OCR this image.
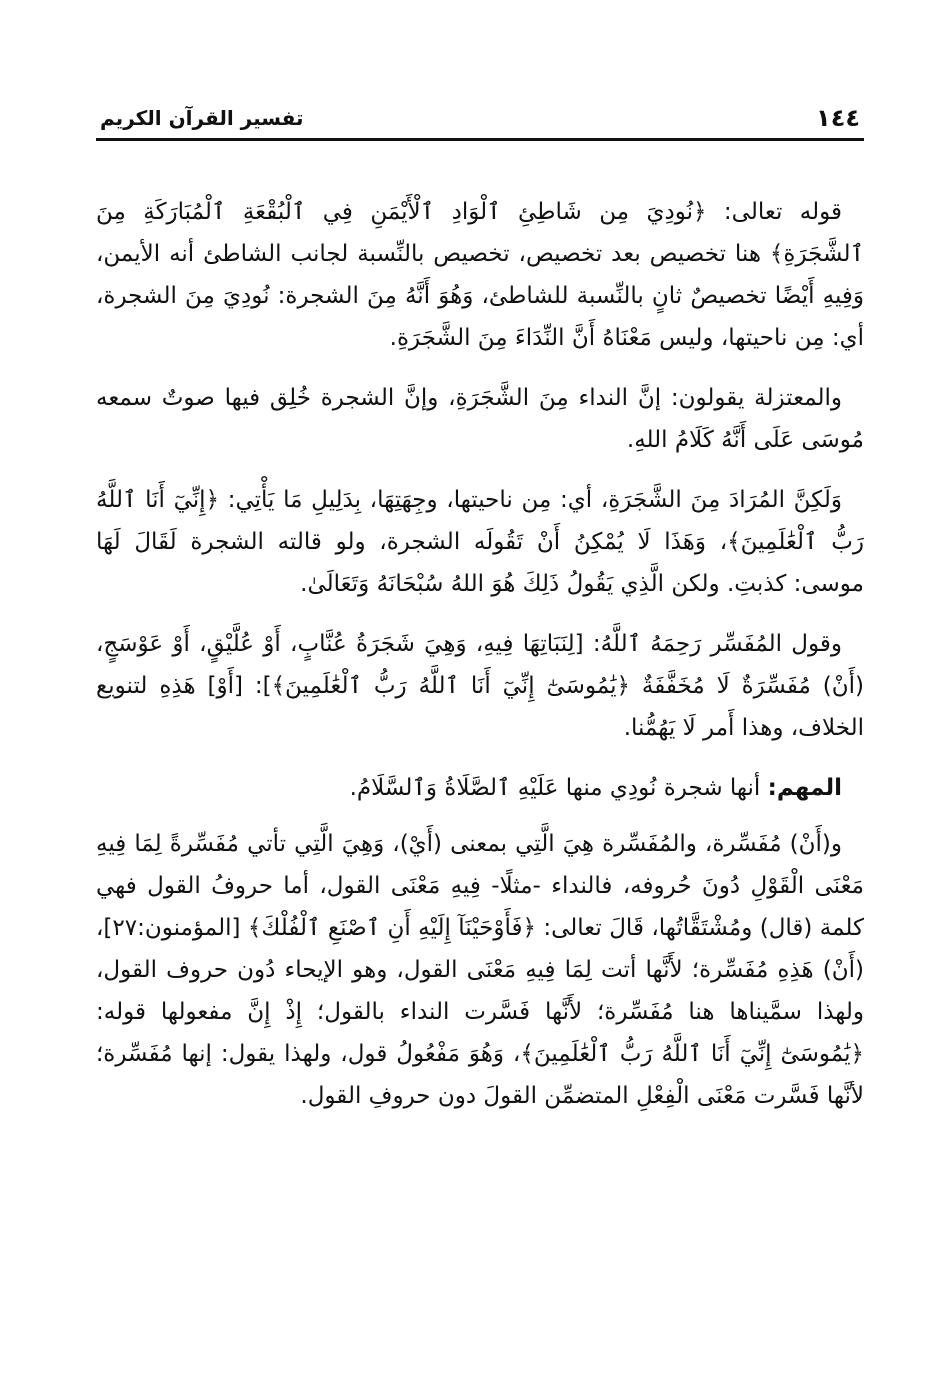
١٤٤
تفسير القرآن الكريم

قوله تعالى: ﴿نُودِيَ مِن شَاطِئِ ٱلْوَادِ ٱلْأَيْمَنِ فِي ٱلْبُقْعَةِ ٱلْمُبَارَكَةِ مِنَ ٱلشَّجَرَةِ﴾ هنا تخصيص بعد تخصيص، تخصيص بالنِّسبة لجانب الشاطئ أنه الأيمن، وَفِيهِ أَيْضًا تخصيصٌ ثانٍ بالنِّسبة للشاطئ، وَهُوَ أَنَّهُ مِنَ الشجرة: نُودِيَ مِنَ الشجرة، أي: مِن ناحيتها، وليس مَعْنَاهُ أَنَّ النِّدَاءَ مِنَ الشَّجَرَةِ.

والمعتزلة يقولون: إنَّ النداء مِنَ الشَّجَرَةِ، وإنَّ الشجرة خُلِق فيها صوتٌ سمعه مُوسَى عَلَى أَنَّهُ كَلَامُ اللهِ.

وَلَكِنَّ المُرَادَ مِنَ الشَّجَرَةِ، أي: مِن ناحيتها، وجِهَتِهَا، بِدَلِيلِ مَا يَأْتِي: ﴿إِنِّيٓ أَنَا ٱللَّهُ رَبُّ ٱلْعَٰلَمِينَ﴾، وَهَذَا لَا يُمْكِنُ أَنْ تَقُولَه الشجرة، ولو قالته الشجرة لَقَالَ لَهَا موسى: كذبتِ. ولكن الَّذِي يَقُولُ ذَلِكَ هُوَ اللهُ سُبْحَانَهُ وَتَعَالَىٰ.

وقول المُفَسِّر رَحِمَهُ ٱللَّهُ: [لِنَبَاتِهَا فِيهِ، وَهِيَ شَجَرَةُ عُنَّابٍ، أَوْ عُلَّيْقٍ، أَوْ عَوْسَجٍ، (أَنْ) مُفَسِّرَةٌ لَا مُخَفَّفَةٌ ﴿يَٰمُوسَىٰٓ إِنِّيٓ أَنَا ٱللَّهُ رَبُّ ٱلْعَٰلَمِينَ﴾]: [أَوْ] هَذِهِ لتنويع الخلاف، وهذا أَمر لَا يَهُمُّنا.

المهم: أنها شجرة نُودِي منها عَلَيْهِ ٱلصَّلَاةُ وَٱلسَّلَامُ.

و(أَنْ) مُفَسِّرة، والمُفَسِّرة هِيَ الَّتِي بمعنى (أَيْ)، وَهِيَ الَّتِي تأتي مُفَسِّرةً لِمَا فِيهِ مَعْنَى الْقَوْلِ دُونَ حُروفه، فالنداء -مثلًا- فِيهِ مَعْنَى القول، أما حروفُ القول فهي كلمة (قال) ومُشْتَقَّاتُها، قَالَ تعالى: ﴿فَأَوْحَيْنَآ إِلَيْهِ أَنِ ٱصْنَعِ ٱلْفُلْكَ﴾ [المؤمنون:٢٧]، (أَنْ) هَذِهِ مُفَسِّرة؛ لأَنَّها أتت لِمَا فِيهِ مَعْنَى القول، وهو الإيحاء دُون حروف القول، ولهذا سمَّيناها هنا مُفَسِّرة؛ لأَنَّها فَسَّرت النداء بالقول؛ إِذْ إِنَّ مفعولها قوله: ﴿يَٰمُوسَىٰٓ إِنِّيٓ أَنَا ٱللَّهُ رَبُّ ٱلْعَٰلَمِينَ﴾، وَهُوَ مَفْعُولُ قول، ولهذا يقول: إنها مُفَسِّرة؛ لأنَّها فَسَّرت مَعْنَى الْفِعْلِ المتضمِّن القولَ دون حروفِ القول.
